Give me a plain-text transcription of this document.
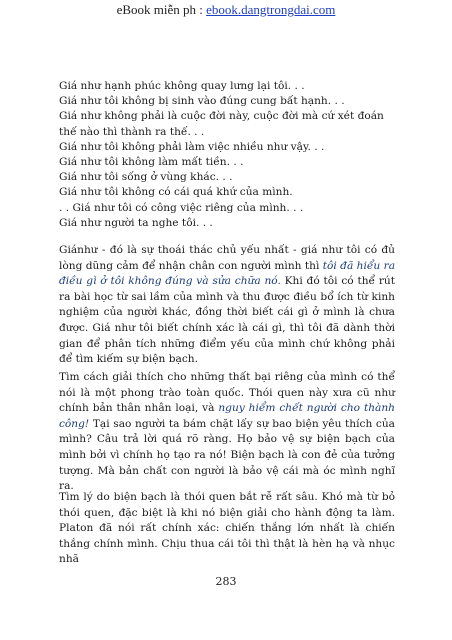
eBook miễn ph : ebook.dangtrongdai.com
Giá như hạnh phúc không quay lưng lại tôi. . .
Giá như tôi không bị sinh vào đúng cung bất hạnh. . .
Giá như không phải là cuộc đời này, cuộc đời mà cứ xét đoán
thế nào thì thành ra thế. . .
Giá như tôi không phải làm việc nhiều như vậy. . .
Giá như tôi không làm mất tiền. . .
Giá như tôi sống ở vùng khác. . .
Giá như tôi không có cái quá khứ của mình.
. . Giá như tôi có công việc riêng của mình. . .
Giá như người ta nghe tôi. . .

Giánhư - đó là sự thoái thác chủ yếu nhất - giá như tôi có đủ lòng dũng cảm để nhận chân con người mình thì tôi đã hiểu ra điều gì ở tôi không đúng và sửa chữa nó. Khi đó tôi có thể rút ra bài học từ sai lầm của mình và thu được điều bổ ích từ kinh nghiệm của người khác, đồng thời biết cái gì ở mình là chưa được. Giá như tôi biết chính xác là cái gì, thì tôi đã dành thời gian để phân tích những điểm yếu của mình chứ không phải để tìm kiếm sự biện bạch.

Tìm cách giải thích cho những thất bại riêng của mình có thể nói là một phong trào toàn quốc. Thói quen này xưa cũ như chính bản thân nhân loại, và nguy hiểm chết người cho thành công! Tại sao người ta bám chặt lấy sự bao biện yêu thích của mình? Câu trả lời quá rõ ràng. Họ bảo vệ sự biện bạch của mình bởi vì chính họ tạo ra nó! Biện bạch là con đẻ của tưởng tượng. Mà bản chất con người là bảo vệ cái mà óc mình nghĩ ra.

Tìm lý do biện bạch là thói quen bắt rễ rất sâu. Khó mà từ bỏ thói quen, đặc biệt là khi nó biện giải cho hành động ta làm. Platon đã nói rất chính xác: chiến thắng lớn nhất là chiến thắng chính mình. Chịu thua cái tôi thì thật là hèn hạ và nhục nhã

283
